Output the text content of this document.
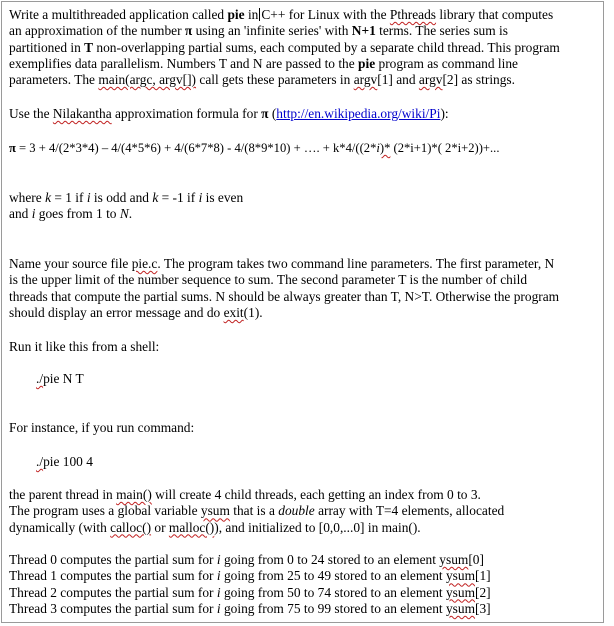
Write a multithreaded application called pie in C++ for Linux with the Pthreads library that computes
an approximation of the number π using an 'infinite series' with N+1 terms. The series sum is
partitioned in T non-overlapping partial sums, each computed by a separate child thread. This program
exemplifies data parallelism. Numbers T and N are passed to the pie program as command line
parameters. The main(argc, argv[]) call gets these parameters in argv[1] and argv[2] as strings.
Use the Nilakantha approximation formula for π (http://en.wikipedia.org/wiki/Pi):
π = 3 + 4/(2*3*4) – 4/(4*5*6) + 4/(6*7*8) - 4/(8*9*10) + …. + k*4/((2*i)* (2*i+1)*( 2*i+2))+...
where k = 1 if i is odd and k = -1 if i is even
and i goes from 1 to N.
Name your source file pie.c. The program takes two command line parameters. The first parameter, N
is the upper limit of the number sequence to sum. The second parameter T is the number of child
threads that compute the partial sums. N should be always greater than T, N>T. Otherwise the program
should display an error message and do exit(1).
Run it like this from a shell:
./pie N T
For instance, if you run command:
./pie 100 4
the parent thread in main() will create 4 child threads, each getting an index from 0 to 3.
The program uses a global variable ysum that is a double array with T=4 elements, allocated
dynamically (with calloc() or malloc()), and initialized to [0,0,...0] in main().
Thread 0 computes the partial sum for i going from 0 to 24 stored to an element ysum[0]
Thread 1 computes the partial sum for i going from 25 to 49 stored to an element ysum[1]
Thread 2 computes the partial sum for i going from 50 to 74 stored to an element ysum[2]
Thread 3 computes the partial sum for i going from 75 to 99 stored to an element ysum[3]
